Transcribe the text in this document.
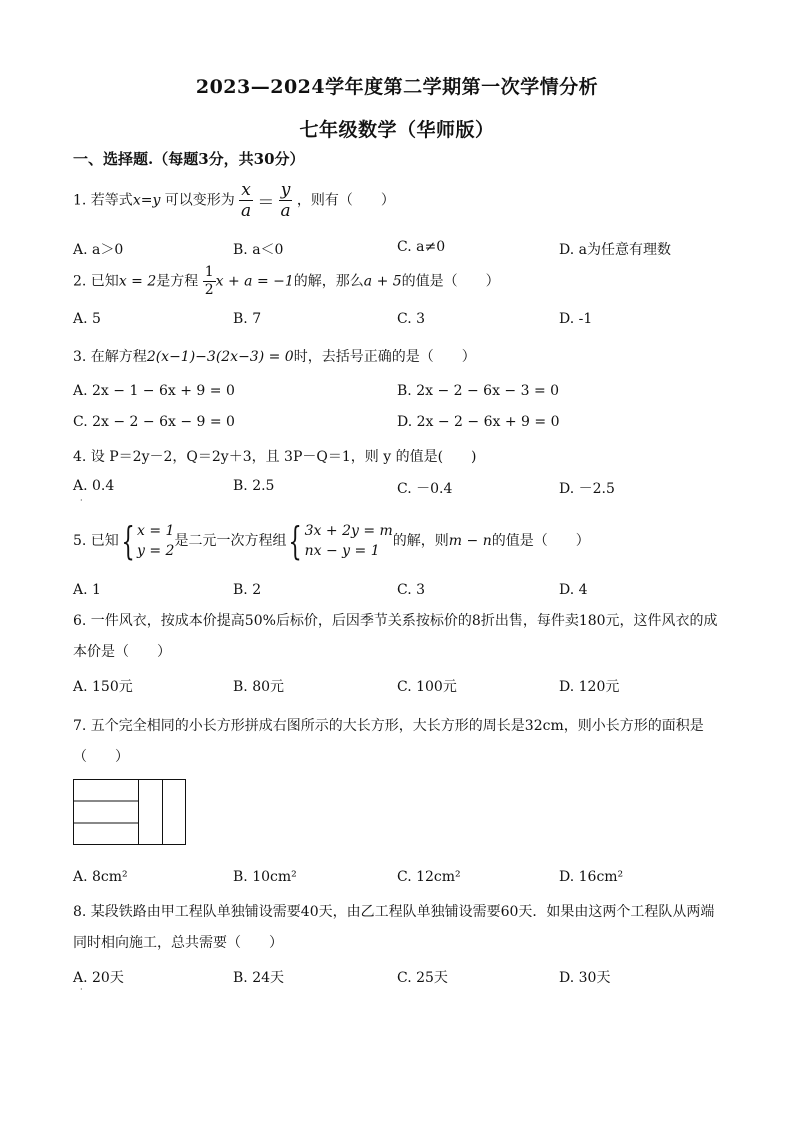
2023—2024学年度第二学期第一次学情分析
七年级数学（华师版）
一、选择题.（每题3分，共30分）
1. 若等式x=y 可以变形为 $\frac{x}{a} = \frac{y}{a}$ ，则有（　　）
A. a＞0	B. a＜0	C. a≠0	D. a为任意有理数
2. 已知x = 2是方程 $\frac{1}{2}$ x + a = −1的解，那么a + 5的值是（　　）
A. 5	B. 7	C. 3	D. -1
3. 在解方程2(x−1)−3(2x−3) = 0时，去括号正确的是（　　）
A. 2x − 1 − 6x + 9 = 0	B. 2x − 2 − 6x − 3 = 0
C. 2x − 2 − 6x − 9 = 0	D. 2x − 2 − 6x + 9 = 0
4. 设 P＝2y－2，Q＝2y＋3，且 3P－Q＝1，则 y 的值是(　　)
A. 0.4	B. 2.5	C. －0.4	D. －2.5
·
5. 已知{ x = 1
y = 2
是二元一次方程组{ 3x + 2y = m
nx − y = 1
的解，则m − n的值是（　　）
A. 1	B. 2	C. 3	D. 4
6. 一件风衣，按成本价提高50%后标价，后因季节关系按标价的8折出售，每件卖180元，这件风衣的成本价是（　　）
A. 150元	B. 80元	C. 100元	D. 120元
7. 五个完全相同的小长方形拼成右图所示的大长方形，大长方形的周长是32cm，则小长方形的面积是（　　）
A. 8cm²	B. 10cm²	C. 12cm²	D. 16cm²
8. 某段铁路由甲工程队单独铺设需要40天，由乙工程队单独铺设需要60天．如果由这两个工程队从两端同时相向施工，总共需要（　　）
A. 20天	B. 24天	C. 25天	D. 30天
·
